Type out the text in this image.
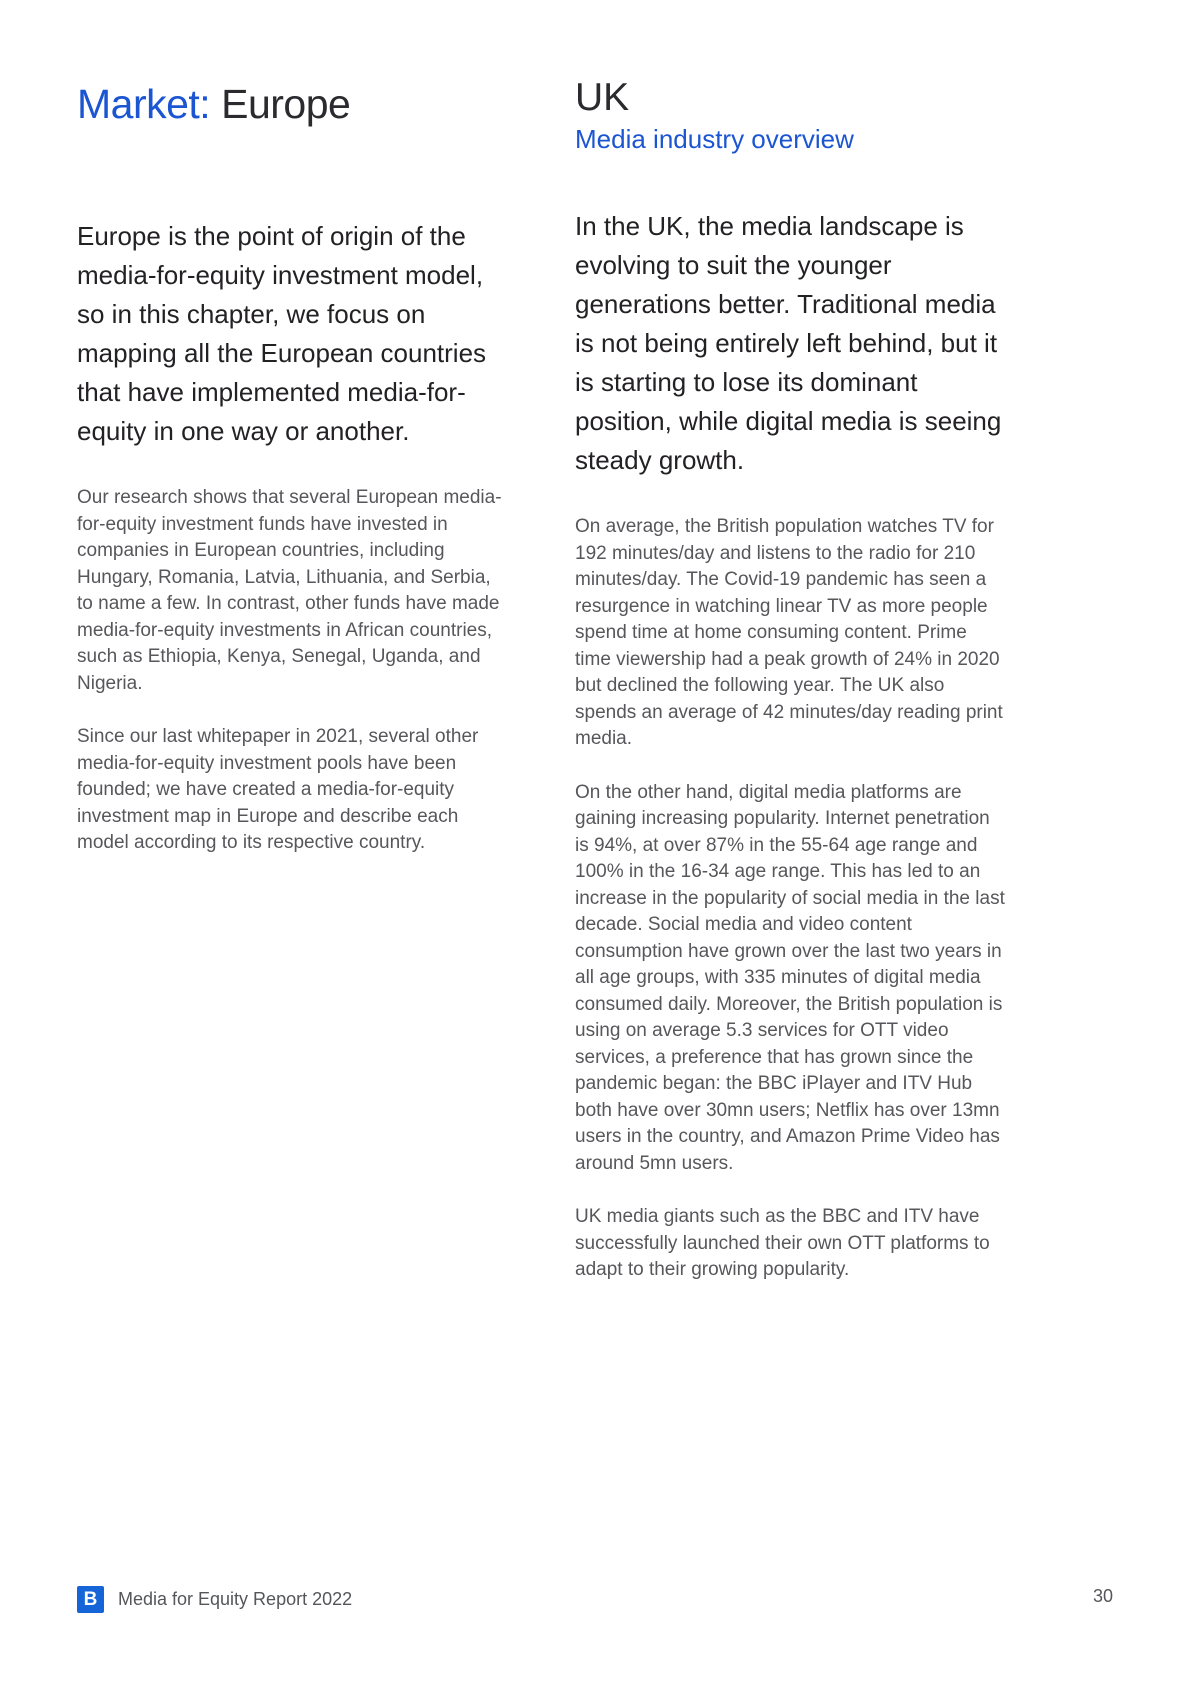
Market: Europe

Europe is the point of origin of the media-for-equity investment model, so in this chapter, we focus on mapping all the European countries that have implemented media-for-equity in one way or another.

Our research shows that several European media-for-equity investment funds have invested in companies in European countries, including Hungary, Romania, Latvia, Lithuania, and Serbia, to name a few. In contrast, other funds have made media-for-equity investments in African countries, such as Ethiopia, Kenya, Senegal, Uganda, and Nigeria.

Since our last whitepaper in 2021, several other media-for-equity investment pools have been founded; we have created a media-for-equity investment map in Europe and describe each model according to its respective country.

UK
Media industry overview

In the UK, the media landscape is evolving to suit the younger generations better. Traditional media is not being entirely left behind, but it is starting to lose its dominant position, while digital media is seeing steady growth.

On average, the British population watches TV for 192 minutes/day and listens to the radio for 210 minutes/day. The Covid-19 pandemic has seen a resurgence in watching linear TV as more people spend time at home consuming content. Prime time viewership had a peak growth of 24% in 2020 but declined the following year. The UK also spends an average of 42 minutes/day reading print media.

On the other hand, digital media platforms are gaining increasing popularity. Internet penetration is 94%, at over 87% in the 55-64 age range and 100% in the 16-34 age range. This has led to an increase in the popularity of social media in the last decade. Social media and video content consumption have grown over the last two years in all age groups, with 335 minutes of digital media consumed daily. Moreover, the British population is using on average 5.3 services for OTT video services, a preference that has grown since the pandemic began: the BBC iPlayer and ITV Hub both have over 30mn users; Netflix has over 13mn users in the country, and Amazon Prime Video has around 5mn users.

UK media giants such as the BBC and ITV have successfully launched their own OTT platforms to adapt to their growing popularity.

B	Media for Equity Report 2022	30
